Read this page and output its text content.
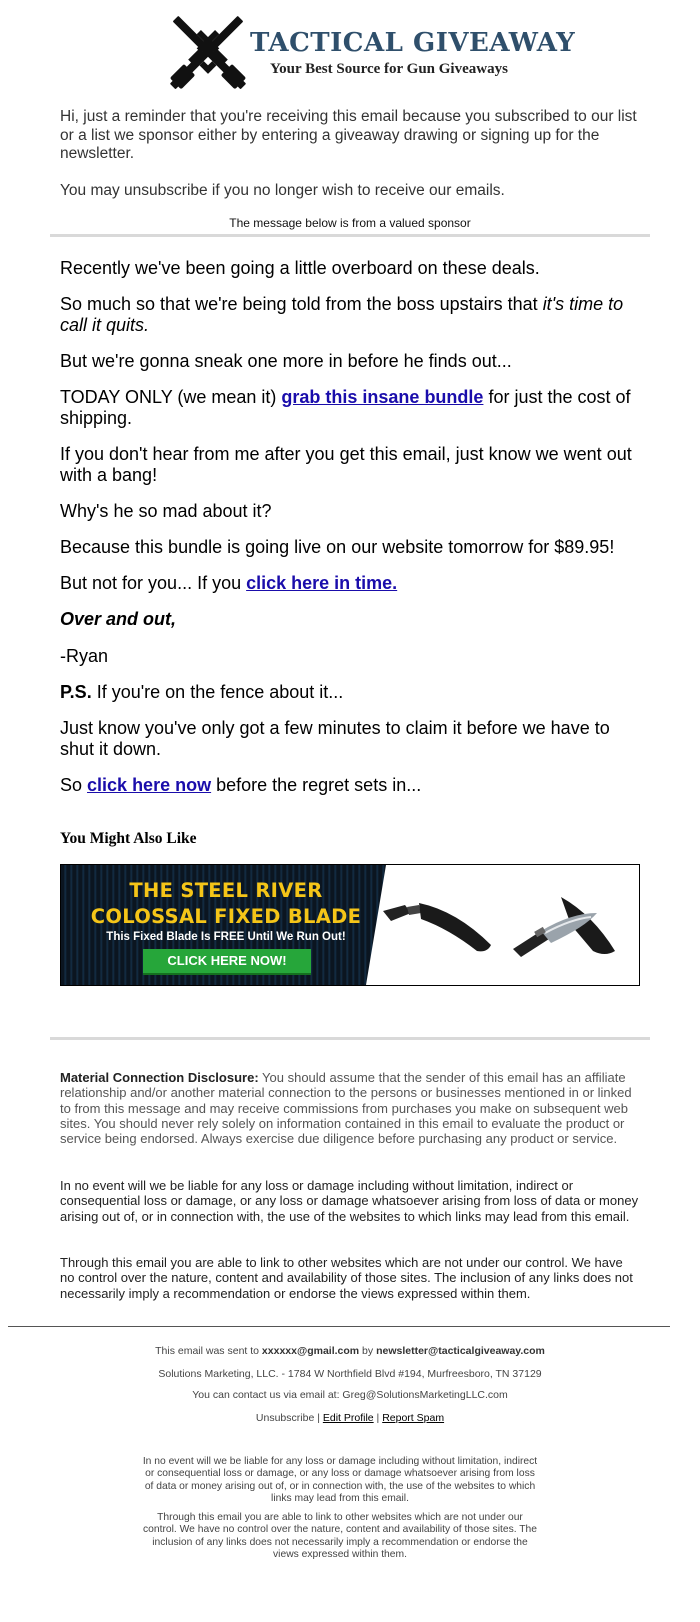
TACTICAL GIVEAWAY
Your Best Source for Gun Giveaways

Hi, just a reminder that you're receiving this email because you subscribed to our list or a list we sponsor either by entering a giveaway drawing or signing up for the newsletter.

You may unsubscribe if you no longer wish to receive our emails.
The message below is from a valued sponsor
Recently we've been going a little overboard on these deals.
So much so that we're being told from the boss upstairs that it's time to call it quits.
But we're gonna sneak one more in before he finds out...
TODAY ONLY (we mean it) grab this insane bundle for just the cost of shipping.
If you don't hear from me after you get this email, just know we went out with a bang!
Why's he so mad about it?
Because this bundle is going live on our website tomorrow for $89.95!
But not for you... If you click here in time.
Over and out,
-Ryan
P.S. If you're on the fence about it...
Just know you've only got a few minutes to claim it before we have to shut it down.
So click here now before the regret sets in...
You Might Also Like
THE STEEL RIVER
COLOSSAL FIXED BLADE
This Fixed Blade Is FREE Until We Run Out!
CLICK HERE NOW!

Material Connection Disclosure: You should assume that the sender of this email has an affiliate relationship and/or another material connection to the persons or businesses mentioned in or linked to from this message and may receive commissions from purchases you make on subsequent web sites. You should never rely solely on information contained in this email to evaluate the product or service being endorsed. Always exercise due diligence before purchasing any product or service.

In no event will we be liable for any loss or damage including without limitation, indirect or consequential loss or damage, or any loss or damage whatsoever arising from loss of data or money arising out of, or in connection with, the use of the websites to which links may lead from this email.
Through this email you are able to link to other websites which are not under our control. We have no control over the nature, content and availability of those sites. The inclusion of any links does not necessarily imply a recommendation or endorse the views expressed within them.
This email was sent to xxxxxx@gmail.com by newsletter@tacticalgiveaway.com
Solutions Marketing, LLC. - 1784 W Northfield Blvd #194, Murfreesboro, TN 37129
You can contact us via email at: Greg@SolutionsMarketingLLC.com
Unsubscribe | Edit Profile | Report Spam
In no event will we be liable for any loss or damage including without limitation, indirect or consequential loss or damage, or any loss or damage whatsoever arising from loss of data or money arising out of, or in connection with, the use of the websites to which links may lead from this email.
Through this email you are able to link to other websites which are not under our control. We have no control over the nature, content and availability of those sites. The inclusion of any links does not necessarily imply a recommendation or endorse the views expressed within them.
